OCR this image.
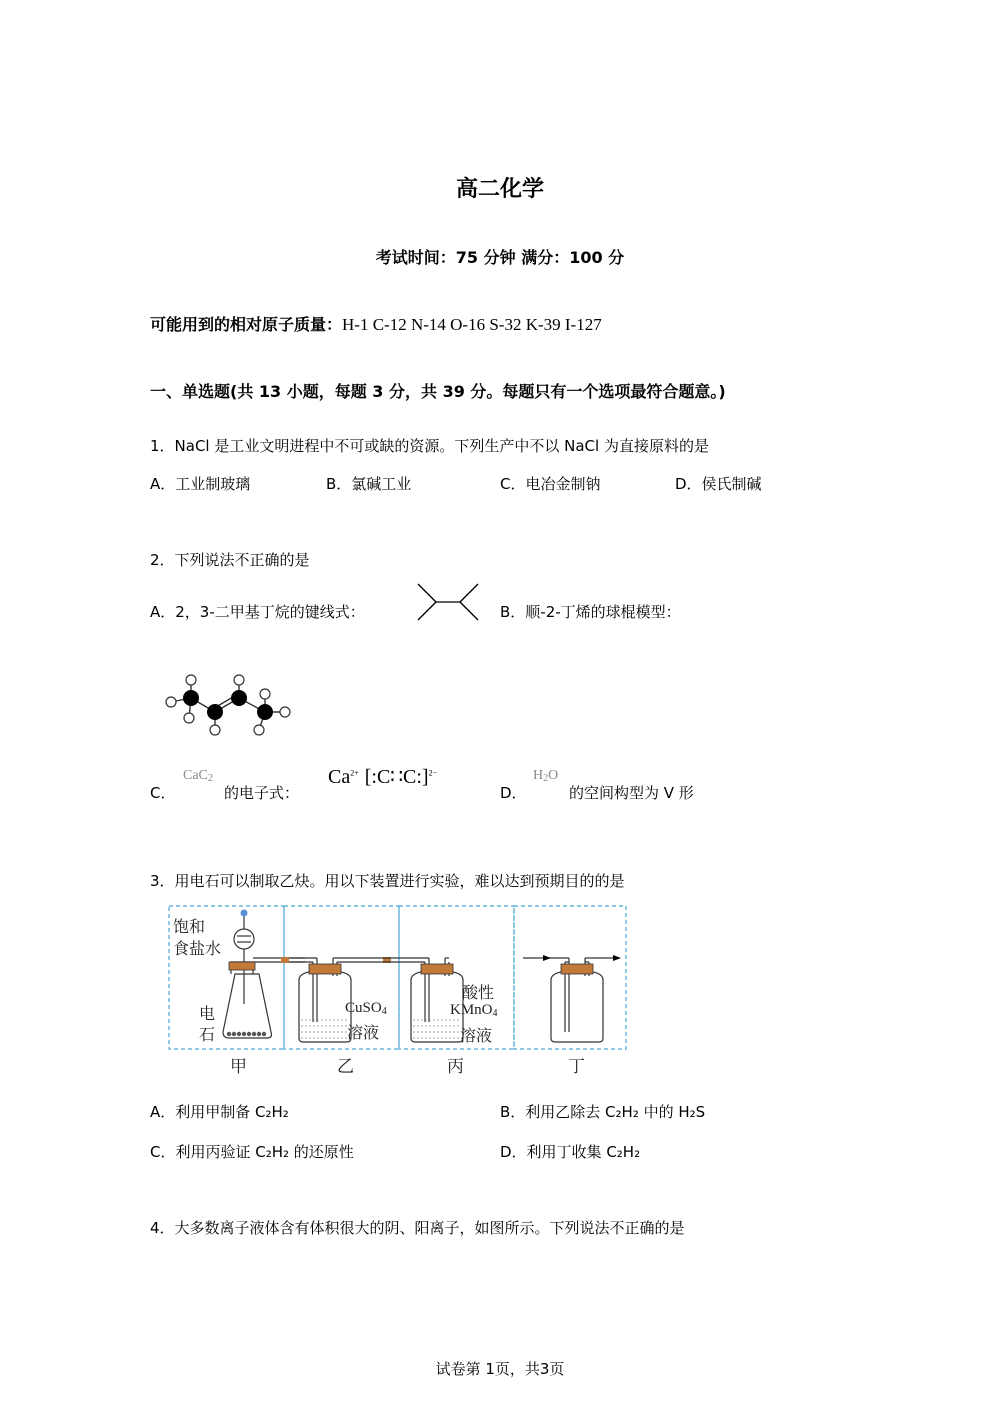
高二化学
考试时间：75 分钟 满分：100 分
可能用到的相对原子质量：H-1 C-12 N-14 O-16 S-32 K-39 I-127
一、单选题(共 13 小题，每题 3 分，共 39 分。每题只有一个选项最符合题意。)
1．NaCl 是工业文明进程中不可或缺的资源。下列生产中不以 NaCl 为直接原料的是
A．工业制玻璃	B．氯碱工业	C．电冶金制钠	D．侯氏制碱
2．下列说法不正确的是
A．2，3-二甲基丁烷的键线式：	B．顺-2-丁烯的球棍模型：
C．
CaC$_2$
的电子式：
$Ca^{2+}$ [:C∷C:]$^{2-}$
D．
$H_2O$
的空间构型为 V 形
3．用电石可以制取乙炔。用以下装置进行实验，难以达到预期目的的是
饱和
食盐水
电
石
CuSO$_4$
溶液
酸性
KMnO$_4$
溶液
甲	乙	丙	丁
A．利用甲制备 C₂H₂	B．利用乙除去 C₂H₂ 中的 H₂S
C．利用丙验证 C₂H₂ 的还原性	D．利用丁收集 C₂H₂
4．大多数离子液体含有体积很大的阴、阳离子，如图所示。下列说法不正确的是
试卷第 1页，共3页
